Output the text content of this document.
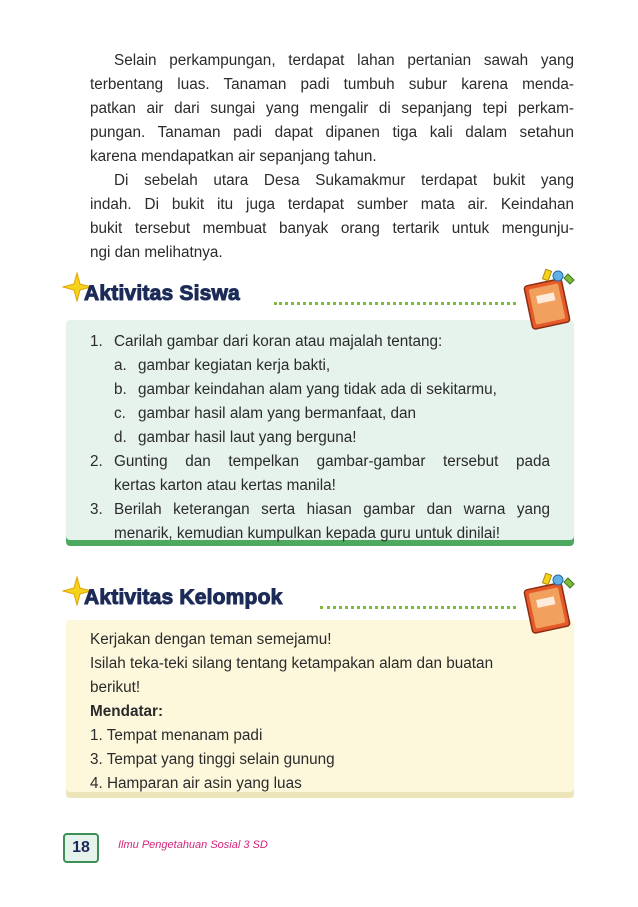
Selain perkampungan, terdapat lahan pertanian sawah yang
terbentang luas. Tanaman padi tumbuh subur karena menda-
patkan air dari sungai yang mengalir di sepanjang tepi perkam-
pungan. Tanaman padi dapat dipanen tiga kali dalam setahun
karena mendapatkan air sepanjang tahun.
Di sebelah utara Desa Sukamakmur terdapat bukit yang
indah. Di bukit itu juga terdapat sumber mata air. Keindahan
bukit tersebut membuat banyak orang tertarik untuk mengunju-
ngi dan melihatnya.
Aktivitas Siswa
1. Carilah gambar dari koran atau majalah tentang:
a. gambar kegiatan kerja bakti,
b. gambar keindahan alam yang tidak ada di sekitarmu,
c. gambar hasil alam yang bermanfaat, dan
d. gambar hasil laut yang berguna!
2. Gunting dan tempelkan gambar-gambar tersebut pada
kertas karton atau kertas manila!
3. Berilah keterangan serta hiasan gambar dan warna yang
menarik, kemudian kumpulkan kepada guru untuk dinilai!
Aktivitas Kelompok
Kerjakan dengan teman semejamu!
Isilah teka-teki silang tentang ketampakan alam dan buatan
berikut!
Mendatar:
1. Tempat menanam padi
3. Tempat yang tinggi selain gunung
4. Hamparan air asin yang luas
18	Ilmu Pengetahuan Sosial 3 SD
